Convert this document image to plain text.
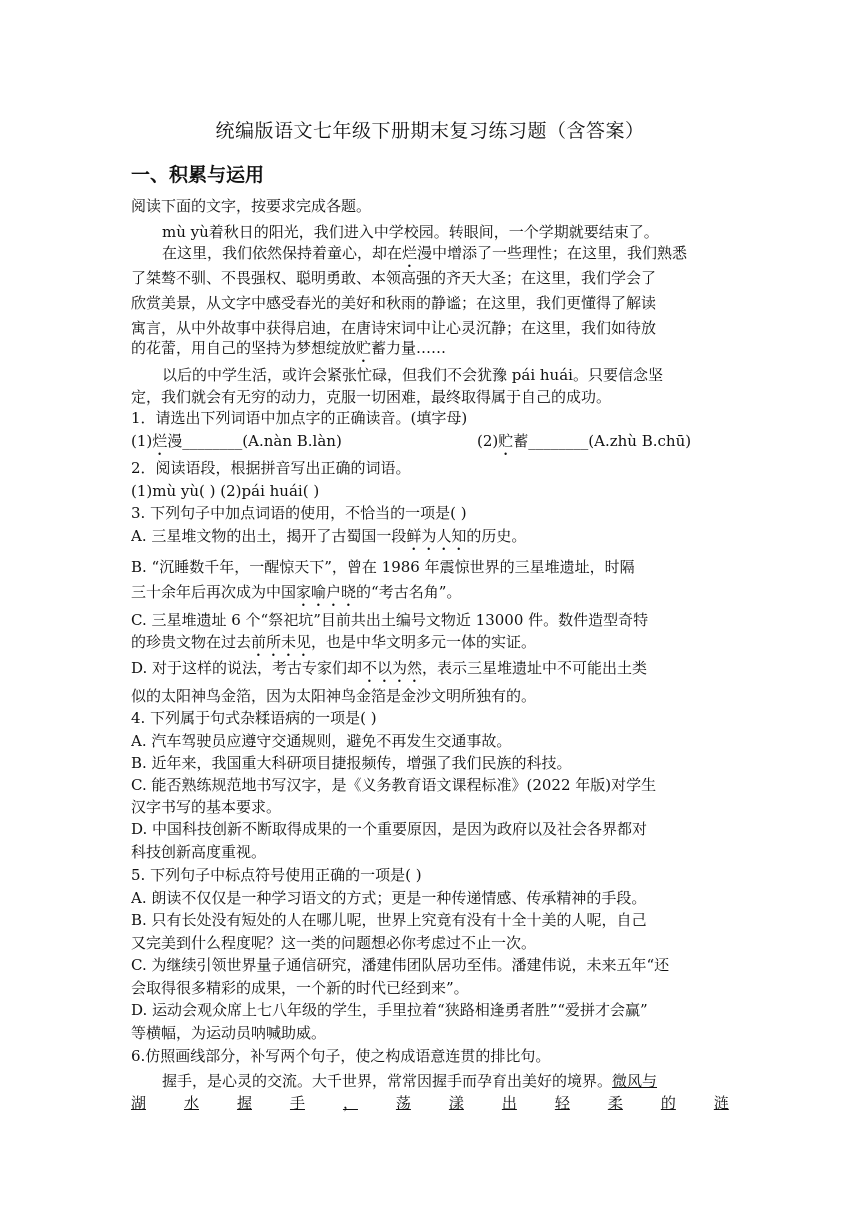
统编版语文七年级下册期末复习练习题（含答案）
一、积累与运用
阅读下面的文字，按要求完成各题。
mù yù着秋日的阳光，我们进入中学校园。转眼间，一个学期就要结束了。
在这里，我们依然保持着童心，却在烂漫中增添了一些理性；在这里，我们熟悉
了桀骜不驯、不畏强权、聪明勇敢、本领高强的齐天大圣；在这里，我们学会了
欣赏美景，从文字中感受春光的美好和秋雨的静谧；在这里，我们更懂得了解读
寓言，从中外故事中获得启迪，在唐诗宋词中让心灵沉静；在这里，我们如待放
的花蕾，用自己的坚持为梦想绽放贮蓄力量……
以后的中学生活，或许会紧张忙碌，但我们不会犹豫 pái huái。只要信念坚
定，我们就会有无穷的动力，克服一切困难，最终取得属于自己的成功。
1．请选出下列词语中加点字的正确读音。(填字母)
(1)烂漫________(A.nàn B.làn)	(2)贮蓄________(A.zhù B.chū)
2．阅读语段，根据拼音写出正确的词语。
(1)mù yù( ) (2)pái huái( )
3. 下列句子中加点词语的使用，不恰当的一项是( )
A. 三星堆文物的出土，揭开了古蜀国一段鲜为人知的历史。
B. “沉睡数千年，一醒惊天下”，曾在 1986 年震惊世界的三星堆遗址，时隔
三十余年后再次成为中国家喻户晓的“考古名角”。
C. 三星堆遗址 6 个“祭祀坑”目前共出土编号文物近 13000 件。数件造型奇特
的珍贵文物在过去前所未见，也是中华文明多元一体的实证。
D. 对于这样的说法，考古专家们却不以为然，表示三星堆遗址中不可能出土类
似的太阳神鸟金箔，因为太阳神鸟金箔是金沙文明所独有的。
4. 下列属于句式杂糅语病的一项是( )
A. 汽车驾驶员应遵守交通规则，避免不再发生交通事故。
B. 近年来，我国重大科研项目捷报频传，增强了我们民族的科技。
C. 能否熟练规范地书写汉字，是《义务教育语文课程标准》(2022 年版)对学生
汉字书写的基本要求。
D. 中国科技创新不断取得成果的一个重要原因，是因为政府以及社会各界都对
科技创新高度重视。
5. 下列句子中标点符号使用正确的一项是( )
A. 朗读不仅仅是一种学习语文的方式；更是一种传递情感、传承精神的手段。
B. 只有长处没有短处的人在哪儿呢，世界上究竟有没有十全十美的人呢，自己
又完美到什么程度呢？这一类的问题想必你考虑过不止一次。
C. 为继续引领世界量子通信研究，潘建伟团队居功至伟。潘建伟说，未来五年“还
会取得很多精彩的成果，一个新的时代已经到来”。
D. 运动会观众席上七八年级的学生，手里拉着“狭路相逢勇者胜”“爱拼才会赢”
等横幅，为运动员呐喊助威。
6.仿照画线部分，补写两个句子，使之构成语意连贯的排比句。
握手，是心灵的交流。大千世界，常常因握手而孕育出美好的境界。微风与
湖	水	握	手	，	荡	漾	出	轻	柔	的	涟
